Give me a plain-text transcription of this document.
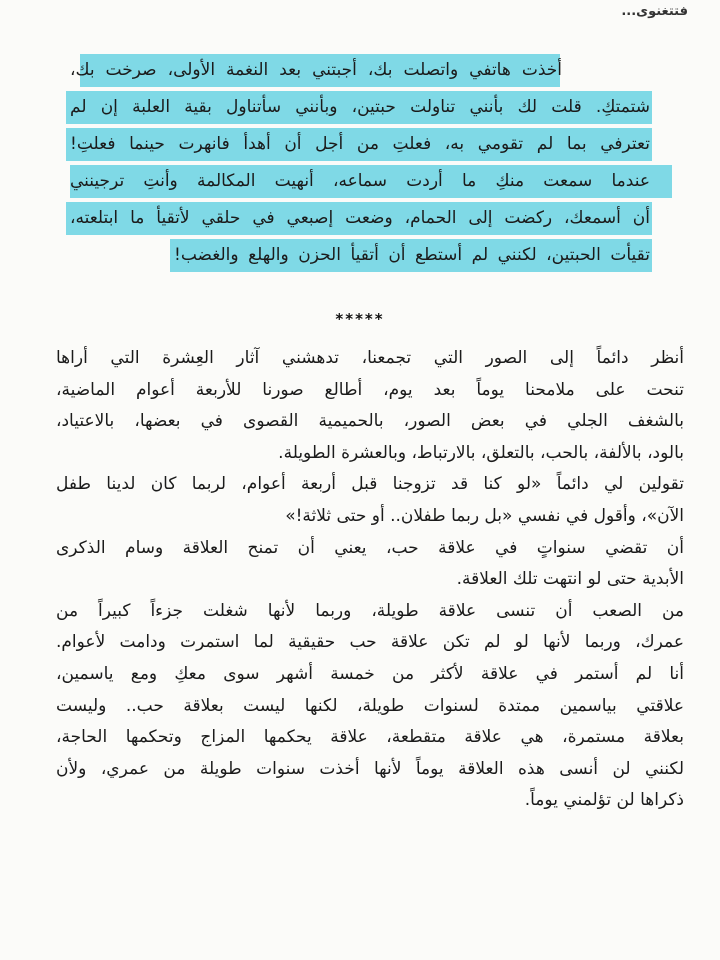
فتتغنوى...
أخذت هاتفي واتصلت بك، أجبتني بعد النغمة الأولى، صرخت بك،
شتمتكِ. قلت لك بأنني تناولت حبتين، وبأنني سأتناول بقية العلبة إن لم
تعترفي بما لم تقومي به، فعلتِ من أجل أن أهدأ فانهرت حينما فعلتِ!
عندما سمعت منكِ ما أردت سماعه، أنهيت المكالمة وأنتِ ترجينني
أن أسمعك، ركضت إلى الحمام، وضعت إصبعي في حلقي لأتقيأ ما ابتلعته،
تقيأت الحبتين، لكنني لم أستطع أن أتقيأ الحزن والهلع والغضب!
*****
أنظر دائماً إلى الصور التي تجمعنا، تدهشني آثار العِشرة التي أراها
تنحت على ملامحنا يوماً بعد يوم، أطالع صورنا للأربعة أعوام الماضية،
بالشغف الجلي في بعض الصور، بالحميمية القصوى في بعضها، بالاعتياد،
بالود، بالألفة، بالحب، بالتعلق، بالارتباط، وبالعشرة الطويلة.
تقولين لي دائماً «لو كنا قد تزوجنا قبل أربعة أعوام، لربما كان لدينا طفل
الآن»، وأقول في نفسي «بل ربما طفلان.. أو حتى ثلاثة!»
أن تقضي سنواتٍ في علاقة حب، يعني أن تمنح العلاقة وسام الذكرى
الأبدية حتى لو انتهت تلك العلاقة.
من الصعب أن تنسى علاقة طويلة، وربما لأنها شغلت جزءاً كبيراً من
عمرك، وربما لأنها لو لم تكن علاقة حب حقيقية لما استمرت ودامت لأعوام.
أنا لم أستمر في علاقة لأكثر من خمسة أشهر سوى معكِ ومع ياسمين،
علاقتي بياسمين ممتدة لسنوات طويلة، لكنها ليست بعلاقة حب.. وليست
بعلاقة مستمرة، هي علاقة متقطعة، علاقة يحكمها المزاج وتحكمها الحاجة،
لكنني لن أنسى هذه العلاقة يوماً لأنها أخذت سنوات طويلة من عمري، ولأن
ذكراها لن تؤلمني يوماً.
